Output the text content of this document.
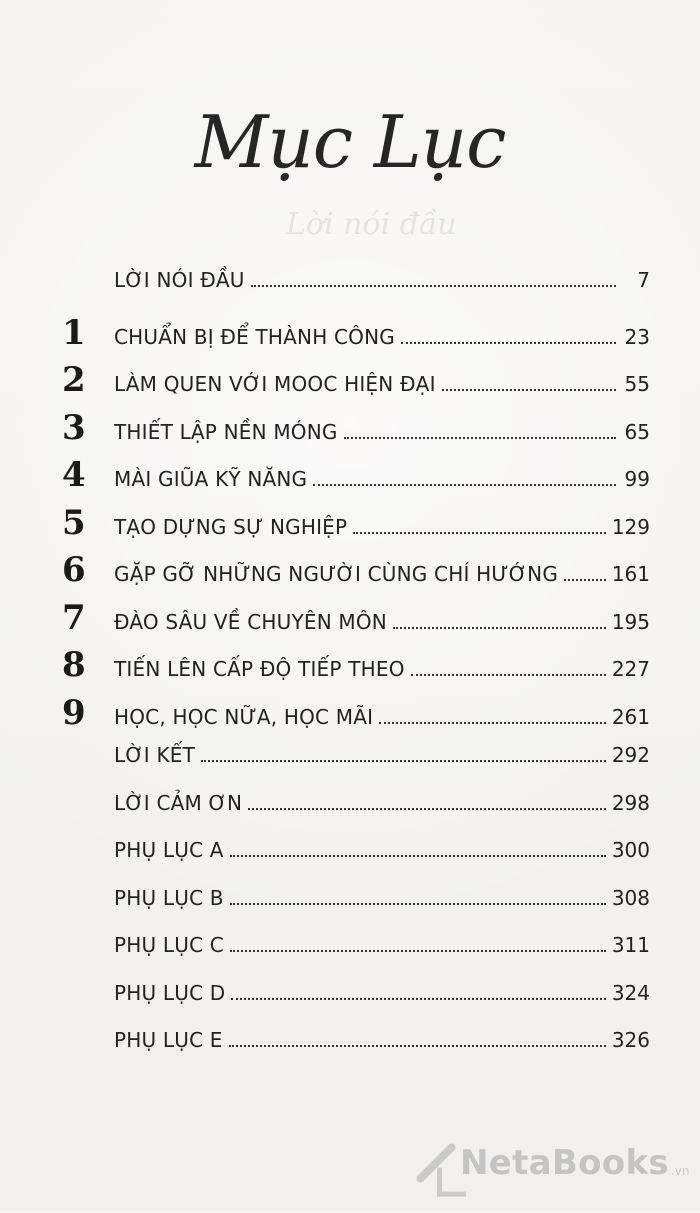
Lời nói đầu
Mục Lục
LỜI NÓI ĐẦU	7
1	CHUẨN BỊ ĐỂ THÀNH CÔNG	23
2	LÀM QUEN VỚI MOOC HIỆN ĐẠI	55
3	THIẾT LẬP NỀN MÓNG	65
4	MÀI GIŨA KỸ NĂNG	99
5	TẠO DỰNG SỰ NGHIỆP	129
6	GẶP GỠ NHỮNG NGƯỜI CÙNG CHÍ HƯỚNG	161
7	ĐÀO SÂU VỀ CHUYÊN MÔN	195
8	TIẾN LÊN CẤP ĐỘ TIẾP THEO	227
9	HỌC, HỌC NỮA, HỌC MÃI	261
LỜI KẾT	292
LỜI CẢM ƠN	298
PHỤ LỤC A	300
PHỤ LỤC B	308
PHỤ LỤC C	311
PHỤ LỤC D	324
PHỤ LỤC E	326
NetaBooks .vn
